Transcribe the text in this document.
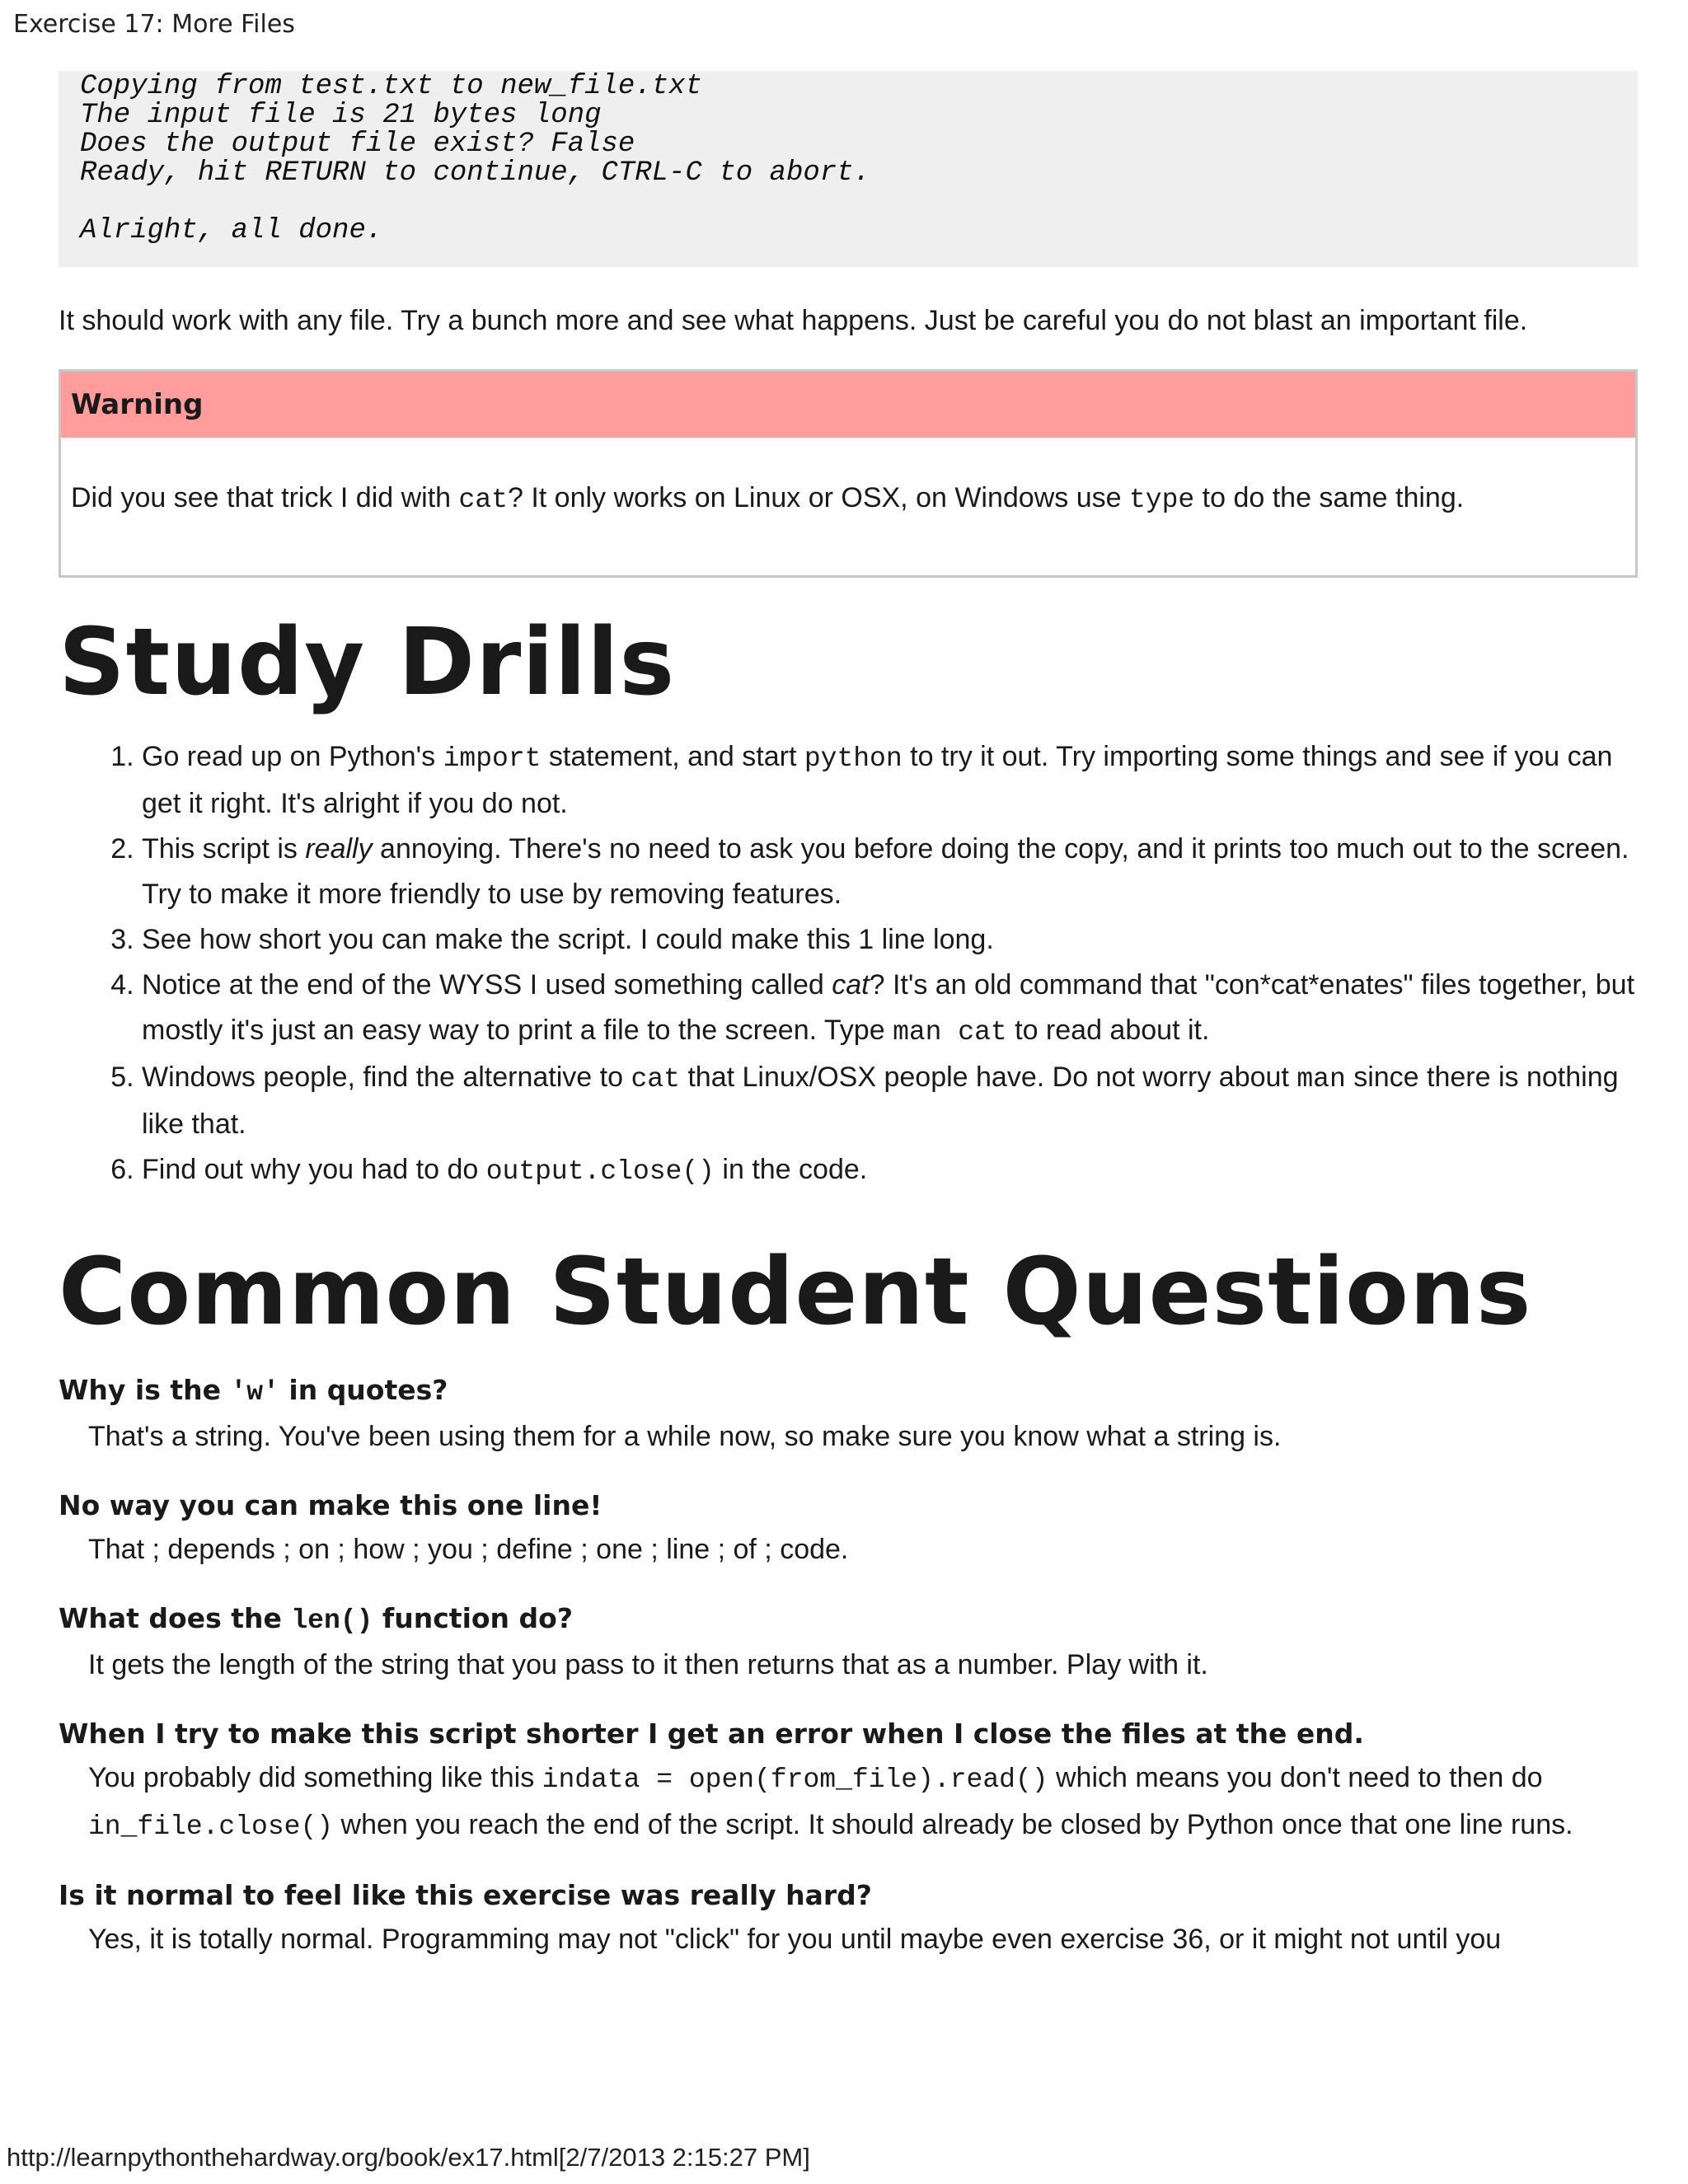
Exercise 17: More Files
Copying from test.txt to new_file.txt
The input file is 21 bytes long
Does the output file exist? False
Ready, hit RETURN to continue, CTRL-C to abort.
Alright, all done.
It should work with any file. Try a bunch more and see what happens. Just be careful you do not blast an important file.
Warning
Did you see that trick I did with cat? It only works on Linux or OSX, on Windows use type to do the same thing.
Study Drills
1. Go read up on Python's import statement, and start python to try it out. Try importing some things and see if you can get it right. It's alright if you do not.
2. This script is really annoying. There's no need to ask you before doing the copy, and it prints too much out to the screen. Try to make it more friendly to use by removing features.
3. See how short you can make the script. I could make this 1 line long.
4. Notice at the end of the WYSS I used something called cat? It's an old command that "con*cat*enates" files together, but mostly it's just an easy way to print a file to the screen. Type man cat to read about it.
5. Windows people, find the alternative to cat that Linux/OSX people have. Do not worry about man since there is nothing like that.
6. Find out why you had to do output.close() in the code.
Common Student Questions
Why is the 'w' in quotes?
That's a string. You've been using them for a while now, so make sure you know what a string is.
No way you can make this one line!
That ; depends ; on ; how ; you ; define ; one ; line ; of ; code.
What does the len() function do?
It gets the length of the string that you pass to it then returns that as a number. Play with it.
When I try to make this script shorter I get an error when I close the files at the end.
You probably did something like this indata = open(from_file).read() which means you don't need to then do in_file.close() when you reach the end of the script. It should already be closed by Python once that one line runs.
Is it normal to feel like this exercise was really hard?
Yes, it is totally normal. Programming may not "click" for you until maybe even exercise 36, or it might not until you
http://learnpythonthehardway.org/book/ex17.html[2/7/2013 2:15:27 PM]
